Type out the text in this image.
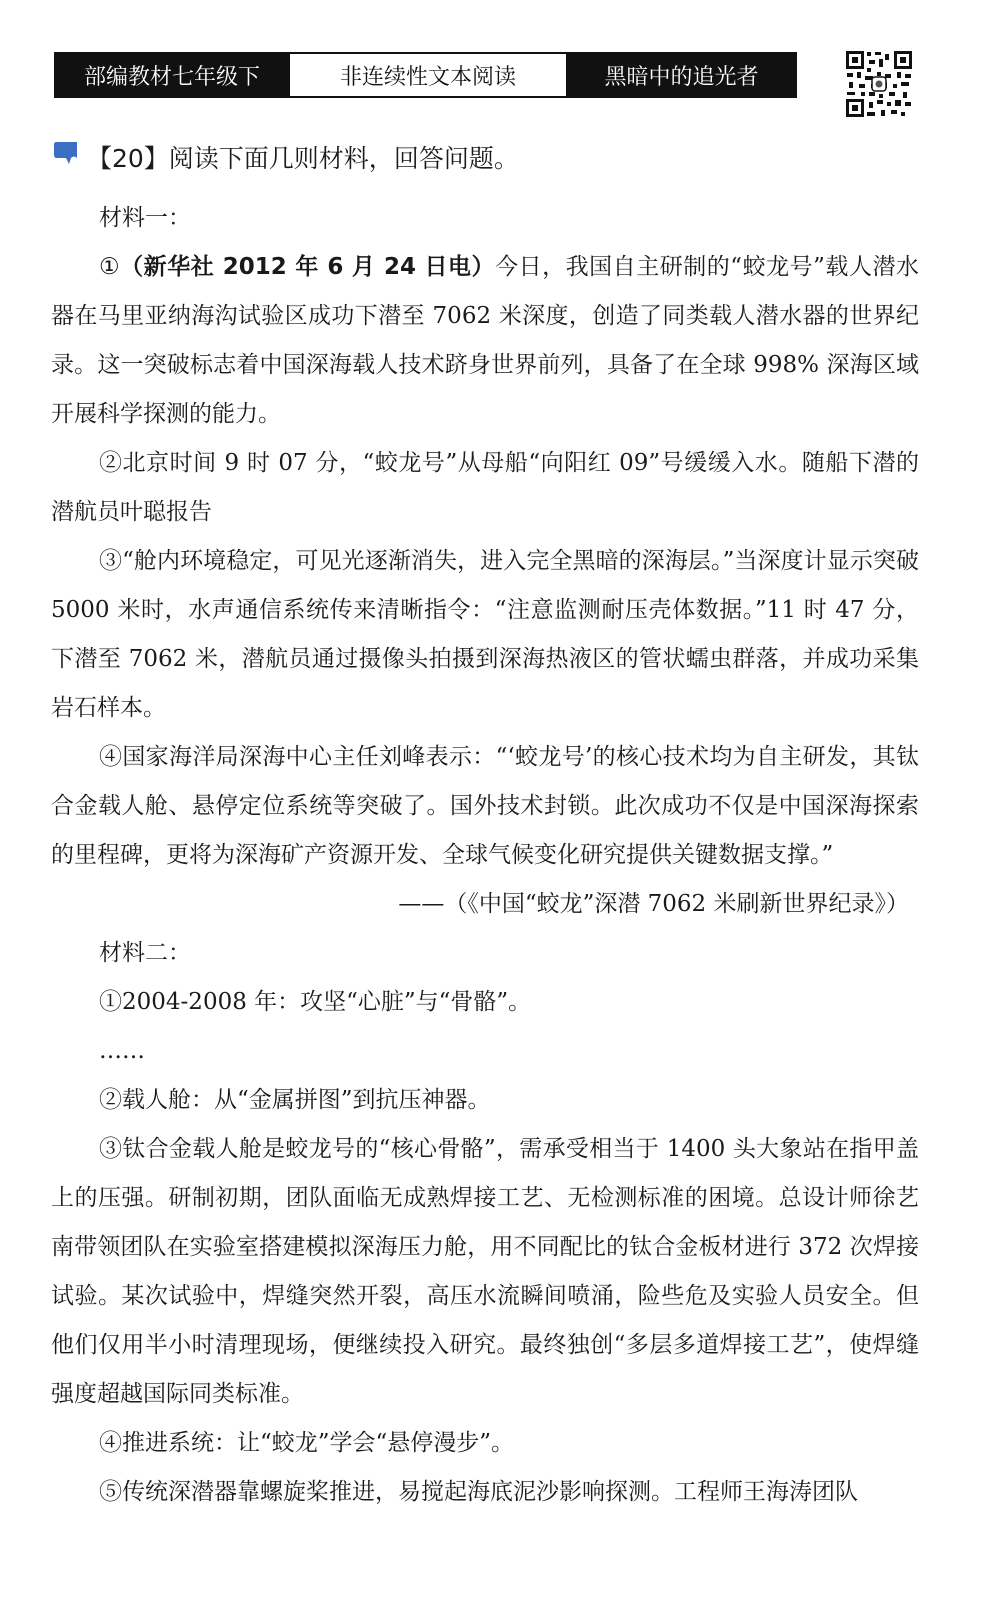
部编教材七年级下	非连续性文本阅读	黑暗中的追光者
【20】阅读下面几则材料，回答问题。

材料一：

①（新华社 2012 年 6 月 24 日电）今日，我国自主研制的“蛟龙号”载人潜水器在马里亚纳海沟试验区成功下潜至 7062 米深度，创造了同类载人潜水器的世界纪录。这一突破标志着中国深海载人技术跻身世界前列，具备了在全球 998% 深海区域开展科学探测的能力。

②北京时间 9 时 07 分，“蛟龙号”从母船“向阳红 09”号缓缓入水。随船下潜的潜航员叶聪报告

③“舱内环境稳定，可见光逐渐消失，进入完全黑暗的深海层。”当深度计显示突破 5000 米时，水声通信系统传来清晰指令：“注意监测耐压壳体数据。”11 时 47 分，下潜至 7062 米，潜航员通过摄像头拍摄到深海热液区的管状蠕虫群落，并成功采集岩石样本。

④国家海洋局深海中心主任刘峰表示：“‘蛟龙号’的核心技术均为自主研发，其钛合金载人舱、悬停定位系统等突破了。国外技术封锁。此次成功不仅是中国深海探索的里程碑，更将为深海矿产资源开发、全球气候变化研究提供关键数据支撑。”

——（《中国“蛟龙”深潜 7062 米刷新世界纪录》）

材料二：

①2004-2008 年：攻坚“心脏”与“骨骼”。

……

②载人舱：从“金属拼图”到抗压神器。

③钛合金载人舱是蛟龙号的“核心骨骼”，需承受相当于 1400 头大象站在指甲盖上的压强。研制初期，团队面临无成熟焊接工艺、无检测标准的困境。总设计师徐艺南带领团队在实验室搭建模拟深海压力舱，用不同配比的钛合金板材进行 372 次焊接试验。某次试验中，焊缝突然开裂，高压水流瞬间喷涌，险些危及实验人员安全。但他们仅用半小时清理现场，便继续投入研究。最终独创“多层多道焊接工艺”，使焊缝强度超越国际同类标准。

④推进系统：让“蛟龙”学会“悬停漫步”。

⑤传统深潜器靠螺旋桨推进，易搅起海底泥沙影响探测。工程师王海涛团队
